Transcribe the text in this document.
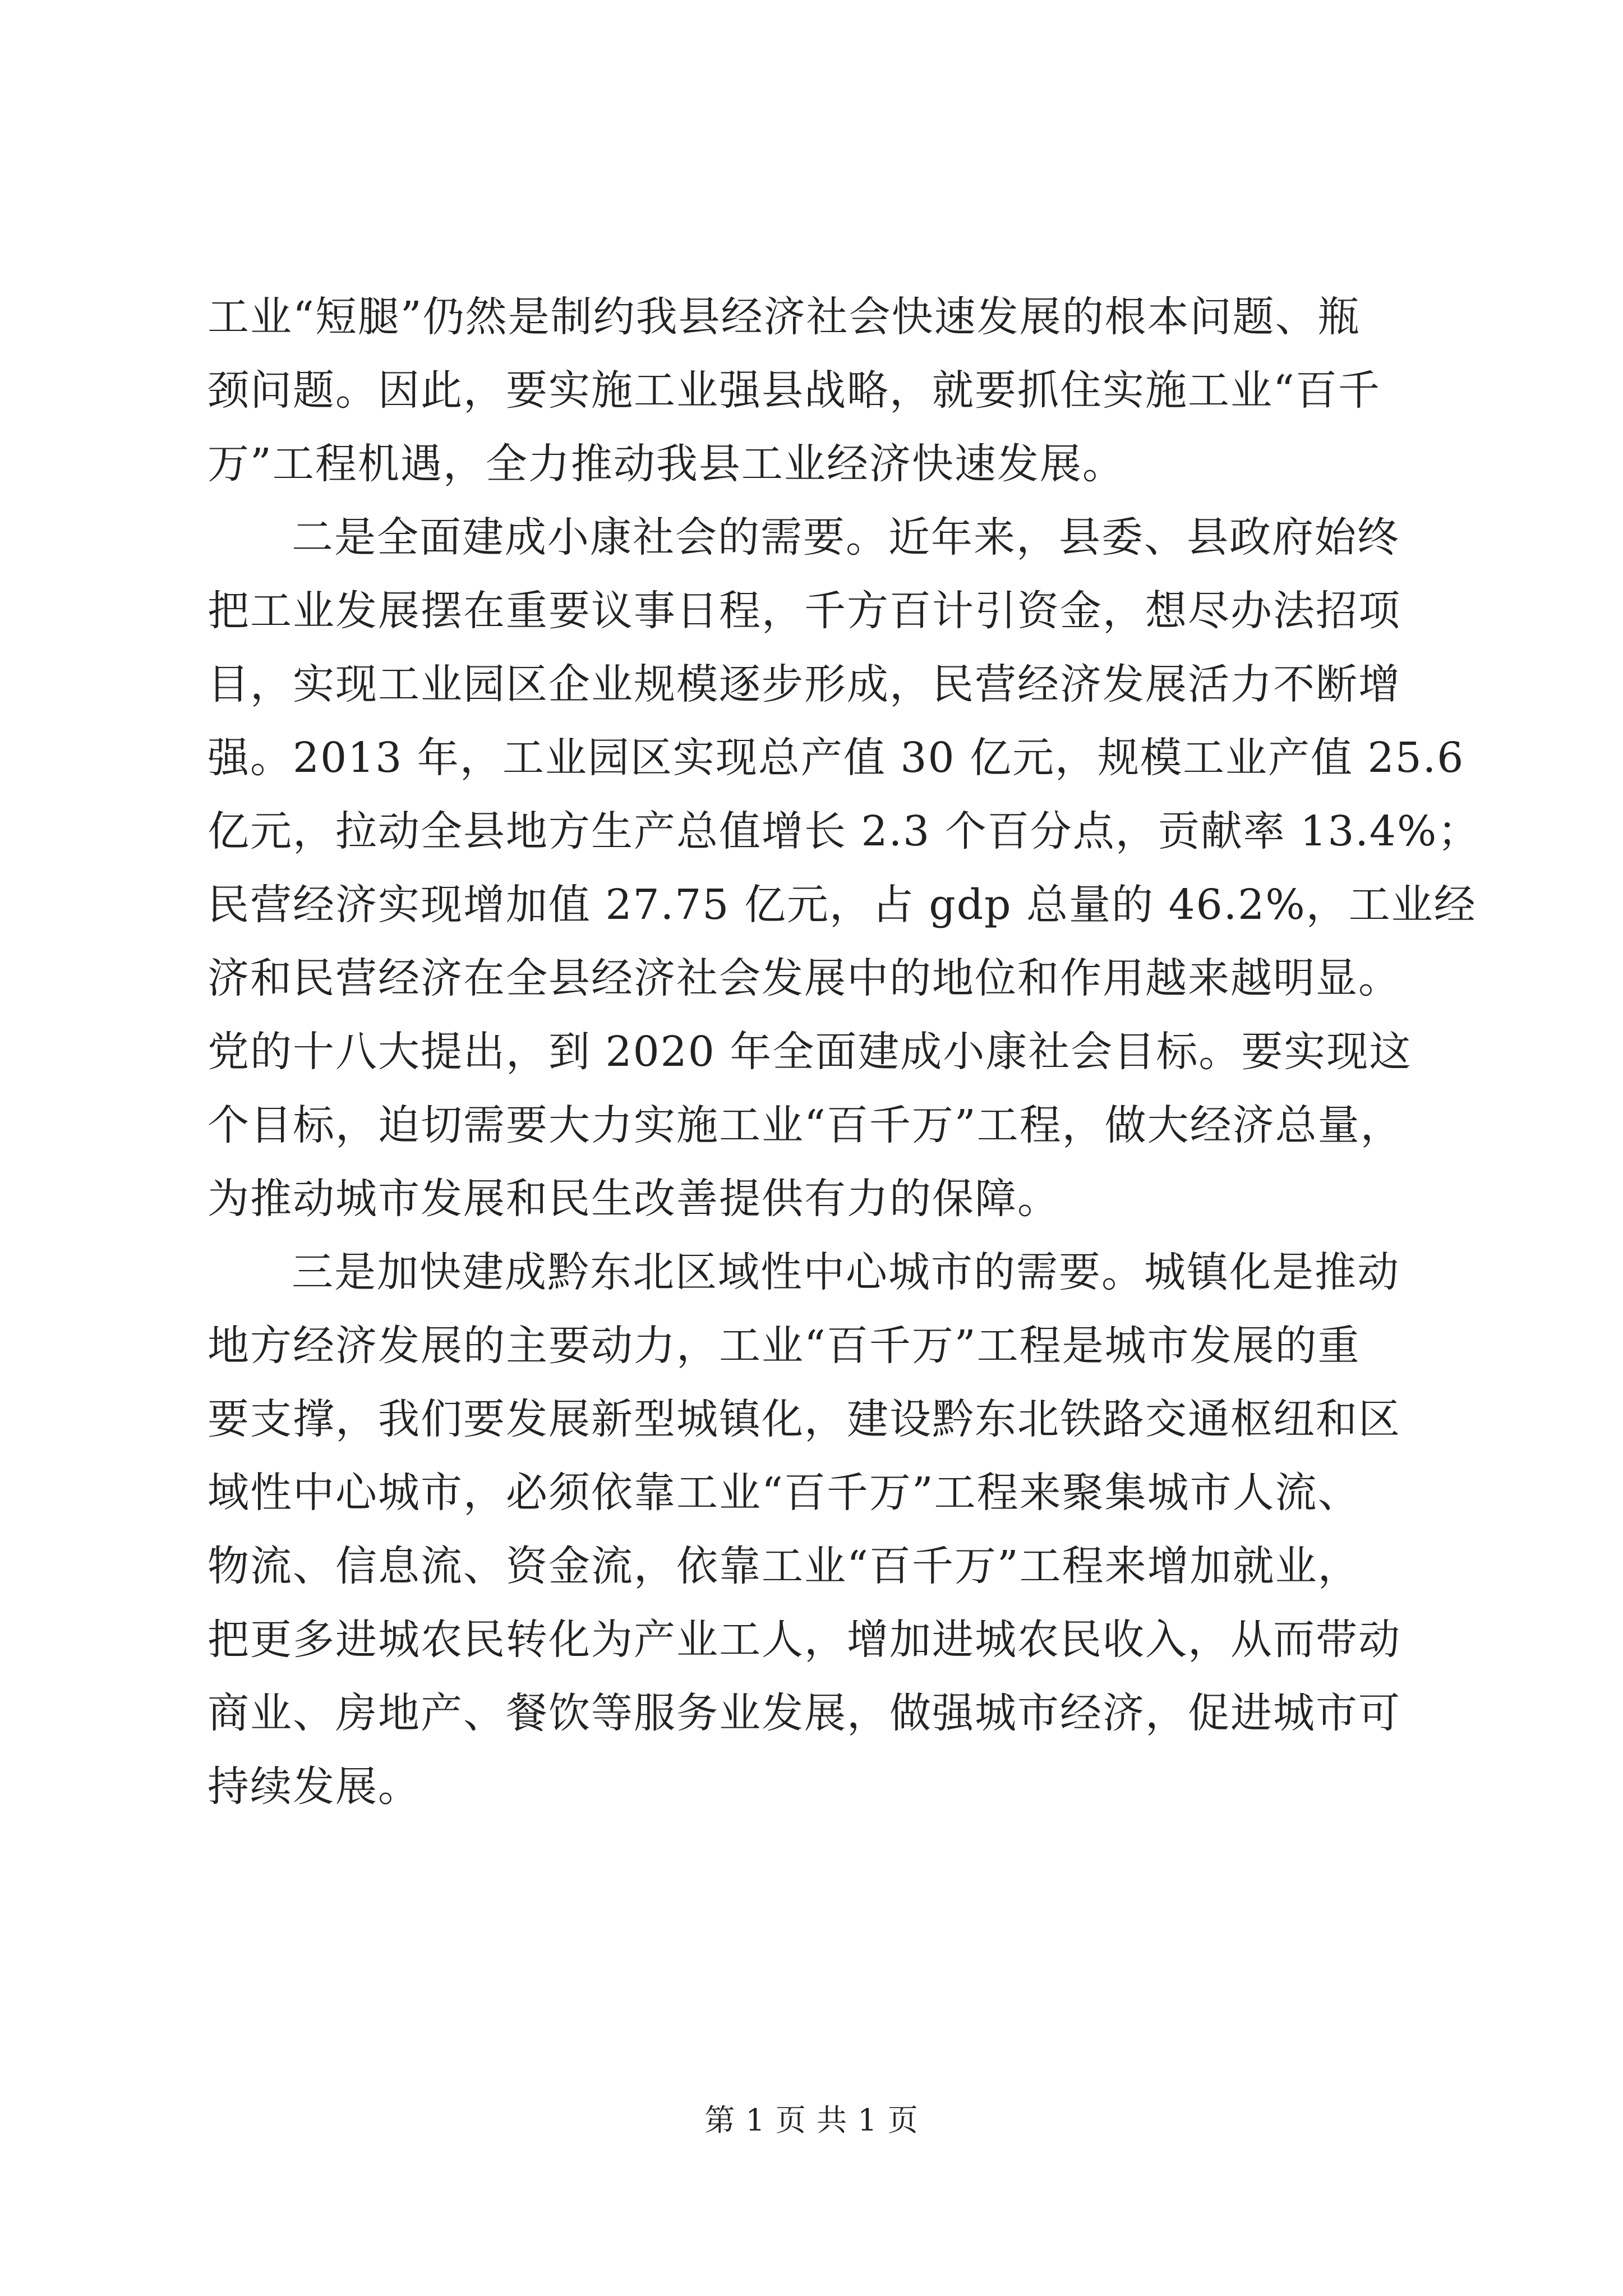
工业“短腿”仍然是制约我县经济社会快速发展的根本问题、瓶
颈问题。因此，要实施工业强县战略，就要抓住实施工业“百千
万”工程机遇，全力推动我县工业经济快速发展。
二是全面建成小康社会的需要。近年来，县委、县政府始终
把工业发展摆在重要议事日程，千方百计引资金，想尽办法招项
目，实现工业园区企业规模逐步形成，民营经济发展活力不断增
强。2013 年，工业园区实现总产值 30 亿元，规模工业产值 25.6
亿元，拉动全县地方生产总值增长 2.3 个百分点，贡献率 13.4%；
民营经济实现增加值 27.75 亿元，占 gdp 总量的 46.2%，工业经
济和民营经济在全县经济社会发展中的地位和作用越来越明显。
党的十八大提出，到 2020 年全面建成小康社会目标。要实现这
个目标，迫切需要大力实施工业“百千万”工程，做大经济总量，
为推动城市发展和民生改善提供有力的保障。
三是加快建成黔东北区域性中心城市的需要。城镇化是推动
地方经济发展的主要动力，工业“百千万”工程是城市发展的重
要支撑，我们要发展新型城镇化，建设黔东北铁路交通枢纽和区
域性中心城市，必须依靠工业“百千万”工程来聚集城市人流、
物流、信息流、资金流，依靠工业“百千万”工程来增加就业，
把更多进城农民转化为产业工人，增加进城农民收入，从而带动
商业、房地产、餐饮等服务业发展，做强城市经济，促进城市可
持续发展。
第 1 页 共 1 页
